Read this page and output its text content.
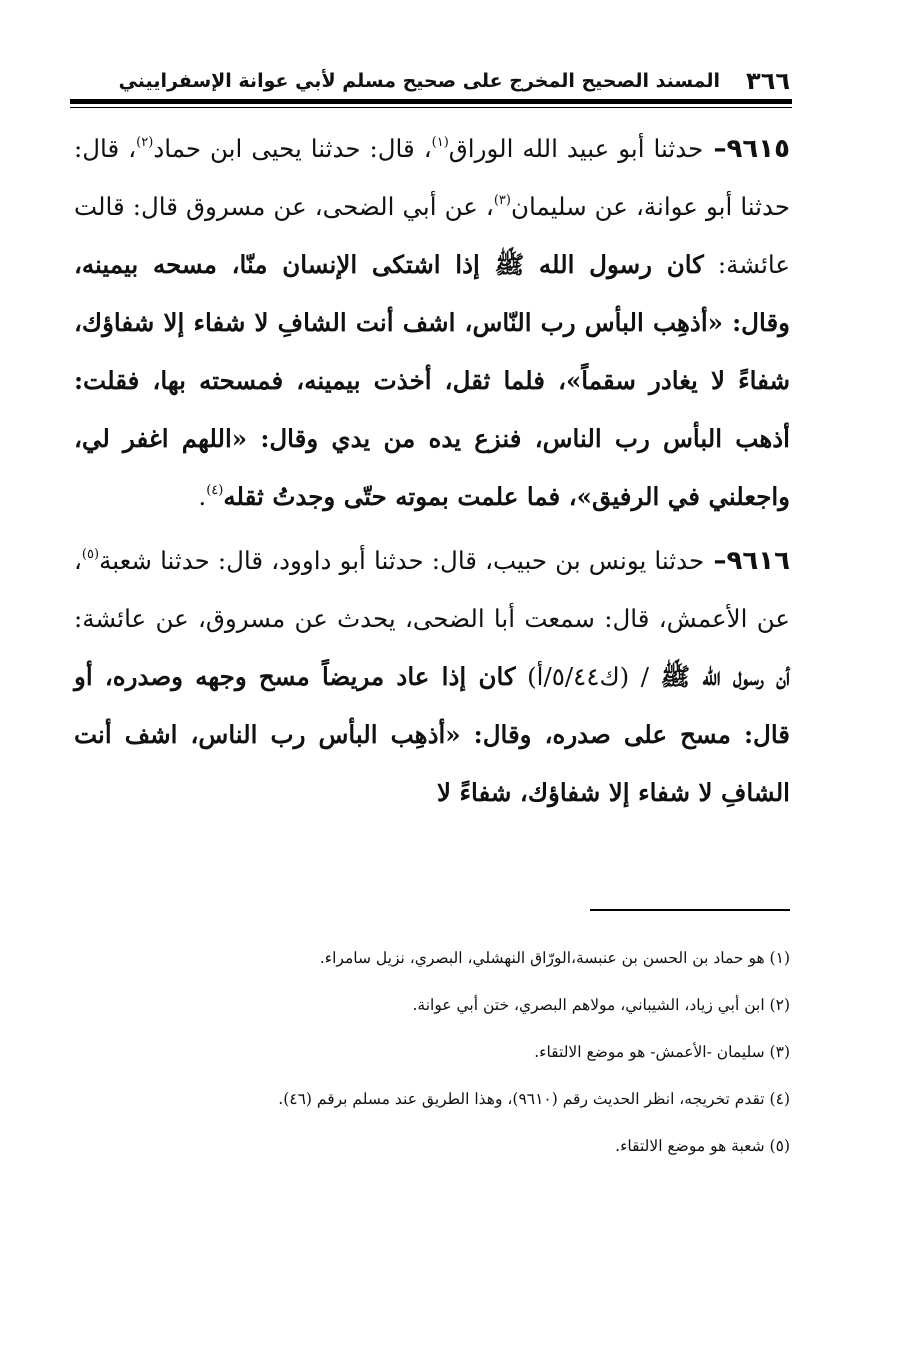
٣٦٦
المسند الصحيح المخرج على صحيح مسلم لأبي عوانة الإسفراييني

٩٦١٥– حدثنا أبو عبيد الله الوراق$^{(١)}$، قال: حدثنا يحيى ابن حماد$^{(٢)}$، قال: حدثنا أبو عوانة، عن سليمان$^{(٣)}$، عن أبي الضحى، عن مسروق قال: قالت عائشة: كان رسول الله ﷺ إذا اشتكى الإنسان منّا، مسحه بيمينه، وقال: «أذهِب البأس رب النّاس، اشف أنت الشافِ لا شفاء إلا شفاؤك، شفاءً لا يغادر سقماً»، فلما ثقل، أخذت بيمينه، فمسحته بها، فقلت: أذهب البأس رب الناس، فنزع يده من يدي وقال: «اللهم اغفر لي، واجعلني في الرفيق»، فما علمت بموته حتّى وجدتُ ثقله$^{(٤)}$.

٩٦١٦– حدثنا يونس بن حبيب، قال: حدثنا أبو داوود، قال: حدثنا شعبة$^{(٥)}$، عن الأعمش، قال: سمعت أبا الضحى، يحدث عن مسروق، عن عائشة: أن رسول الله ﷺ / (ك٥/٤٤/أ) كان إذا عاد مريضاً مسح وجهه وصدره، أو قال: مسح على صدره، وقال: «أذهِب البأس رب الناس، اشف أنت الشافِ لا شفاء إلا شفاؤك، شفاءً لا

(١) هو حماد بن الحسن بن عنبسة،الورّاق النهشلي، البصري، نزيل سامراء.

(٢) ابن أبي زياد، الشيباني، مولاهم البصري، ختن أبي عوانة.

(٣) سليمان -الأعمش- هو موضع الالتقاء.

(٤) تقدم تخريجه، انظر الحديث رقم (٩٦١٠)، وهذا الطريق عند مسلم برقم (٤٦).

(٥) شعبة هو موضع الالتقاء.
